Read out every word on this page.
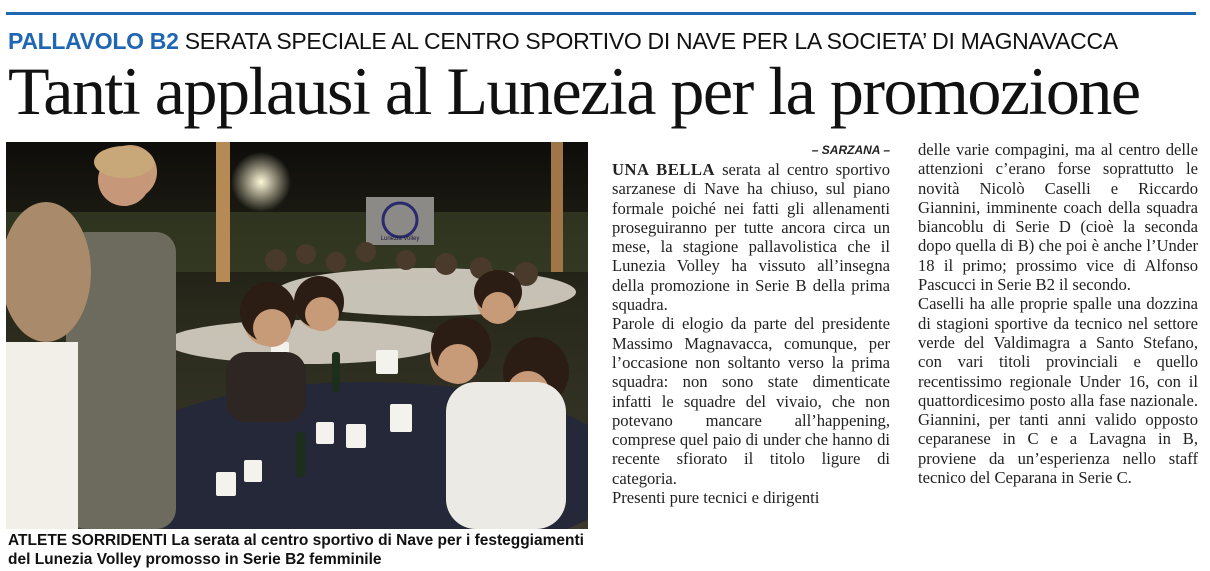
PALLAVOLO B2 SERATA SPECIALE AL CENTRO SPORTIVO DI NAVE PER LA SOCIETA’ DI MAGNAVACCA
Tanti applausi al Lunezia per la promozione
Lunezia Volley
ATLETE SORRIDENTI La serata al centro sportivo di Nave per i festeggiamenti del Lunezia Volley promosso in Serie B2 femminile
– SARZANA –

UNA BELLA serata al centro sportivo sarzanese di Nave ha chiuso, sul piano formale poiché nei fatti gli allenamenti proseguiranno per tutte ancora circa un mese, la stagione pallavolistica che il Lunezia Volley ha vissuto all’insegna della promozione in Serie B della prima squadra.

Parole di elogio da parte del presidente Massimo Magnavacca, comunque, per l’occasione non soltanto verso la prima squadra: non sono state dimenticate infatti le squadre del vivaio, che non potevano mancare all’happening, comprese quel paio di under che hanno di recente sfiorato il titolo ligure di categoria.

Presenti pure tecnici e dirigenti

delle varie compagini, ma al centro delle attenzioni c’erano forse soprattutto le novità Nicolò Caselli e Riccardo Giannini, imminente coach della squadra biancoblu di Serie D (cioè la seconda dopo quella di B) che poi è anche l’Under 18 il primo; prossimo vice di Alfonso Pascucci in Serie B2 il secondo.

Caselli ha alle proprie spalle una dozzina di stagioni sportive da tecnico nel settore verde del Valdimagra a Santo Stefano, con vari titoli provinciali e quello recentissimo regionale Under 16, con il quattordicesimo posto alla fase nazionale. Giannini, per tanti anni valido opposto ceparanese in C e a Lavagna in B, proviene da un’esperienza nello staff tecnico del Ceparana in Serie C.
